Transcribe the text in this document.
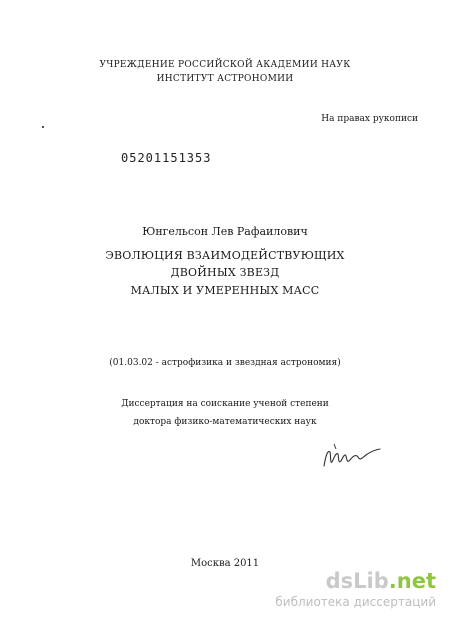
УЧРЕЖДЕНИЕ РОССИЙСКОЙ АКАДЕМИИ НАУК
ИНСТИТУТ АСТРОНОМИИ
На правах рукописи
05201151353
Юнгельсон Лев Рафаилович
ЭВОЛЮЦИЯ ВЗАИМОДЕЙСТВУЮЩИХ
ДВОЙНЫХ ЗВЕЗД
МАЛЫХ И УМЕРЕННЫХ МАСС
(01.03.02 - астрофизика и звездная астрономия)
Диссертация на соискание ученой степени
доктора физико-математических наук
Москва 2011
dsLib.net
библиотека диссертаций
